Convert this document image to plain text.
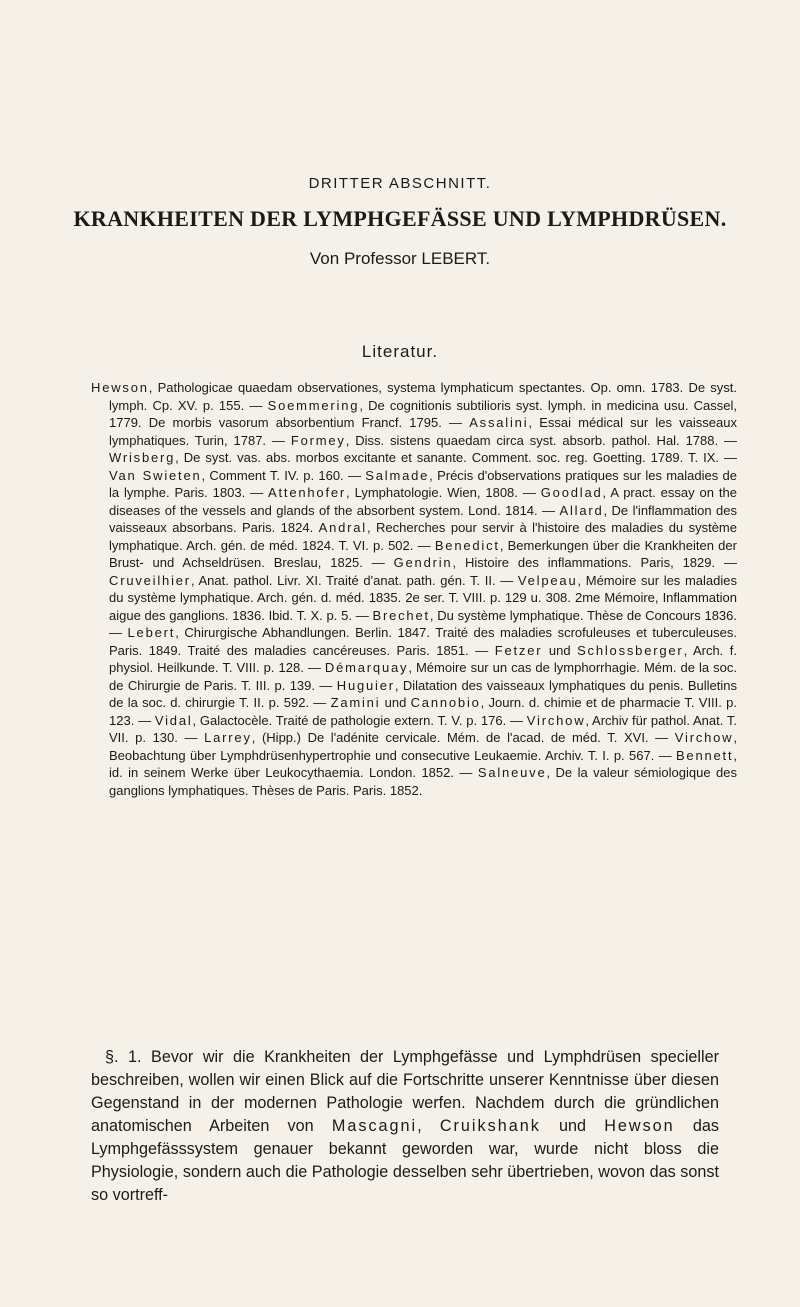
DRITTER ABSCHNITT.
KRANKHEITEN DER LYMPHGEFÄSSE UND LYMPHDRÜSEN.
Von Professor LEBERT.
Literatur.
Hewson, Pathologicae quaedam observationes, systema lymphaticum spectantes. Op. omn. 1783. De syst. lymph. Cp. XV. p. 155. — Soemmering, De cognitionis subtilioris syst. lymph. in medicina usu. Cassel, 1779. De morbis vasorum absorbentium Francf. 1795. — Assalini, Essai médical sur les vaisseaux lymphatiques. Turin, 1787. — Formey, Diss. sistens quaedam circa syst. absorb. pathol. Hal. 1788. — Wrisberg, De syst. vas. abs. morbos excitante et sanante. Comment. soc. reg. Goetting. 1789. T. IX. — Van Swieten, Comment T. IV. p. 160. — Salmade, Précis d'observations pratiques sur les maladies de la lymphe. Paris. 1803. — Attenhofer, Lymphatologie. Wien, 1808. — Goodlad, A pract. essay on the diseases of the vessels and glands of the absorbent system. Lond. 1814. — Allard, De l'inflammation des vaisseaux absorbans. Paris. 1824. Andral, Recherches pour servir à l'histoire des maladies du système lymphatique. Arch. gén. de méd. 1824. T. VI. p. 502. — Benedict, Bemerkungen über die Krankheiten der Brust- und Achseldrüsen. Breslau, 1825. — Gendrin, Histoire des inflammations. Paris, 1829. — Cruveilhier, Anat. pathol. Livr. XI. Traité d'anat. path. gén. T. II. — Velpeau, Mémoire sur les maladies du système lymphatique. Arch. gén. d. méd. 1835. 2e ser. T. VIII. p. 129 u. 308. 2me Mémoire, Inflammation aigue des ganglions. 1836. Ibid. T. X. p. 5. — Brechet, Du système lymphatique. Thèse de Concours 1836. — Lebert, Chirurgische Abhandlungen. Berlin. 1847. Traité des maladies scrofuleuses et tuberculeuses. Paris. 1849. Traité des maladies cancéreuses. Paris. 1851. — Fetzer und Schlossberger, Arch. f. physiol. Heilkunde. T. VIII. p. 128. — Démarquay, Mémoire sur un cas de lymphorrhagie. Mém. de la soc. de Chirurgie de Paris. T. III. p. 139. — Huguier, Dilatation des vaisseaux lymphatiques du penis. Bulletins de la soc. d. chirurgie T. II. p. 592. — Zamini und Cannobio, Journ. d. chimie et de pharmacie T. VIII. p. 123. — Vidal, Galactocèle. Traité de pathologie extern. T. V. p. 176. — Virchow, Archiv für pathol. Anat. T. VII. p. 130. — Larrey, (Hipp.) De l'adénite cervicale. Mém. de l'acad. de méd. T. XVI. — Virchow, Beobachtung über Lymphdrüsenhypertrophie und consecutive Leukaemie. Archiv. T. I. p. 567. — Bennett, id. in seinem Werke über Leukocythaemia. London. 1852. — Salneuve, De la valeur sémiologique des ganglions lymphatiques. Thèses de Paris. Paris. 1852.
§. 1. Bevor wir die Krankheiten der Lymphgefässe und Lymphdrüsen specieller beschreiben, wollen wir einen Blick auf die Fortschritte unserer Kenntnisse über diesen Gegenstand in der modernen Pathologie werfen. Nachdem durch die gründlichen anatomischen Arbeiten von Mascagni, Cruikshank und Hewson das Lymphgefässsystem genauer bekannt geworden war, wurde nicht bloss die Physiologie, sondern auch die Pathologie desselben sehr übertrieben, wovon das sonst so vortreff-
